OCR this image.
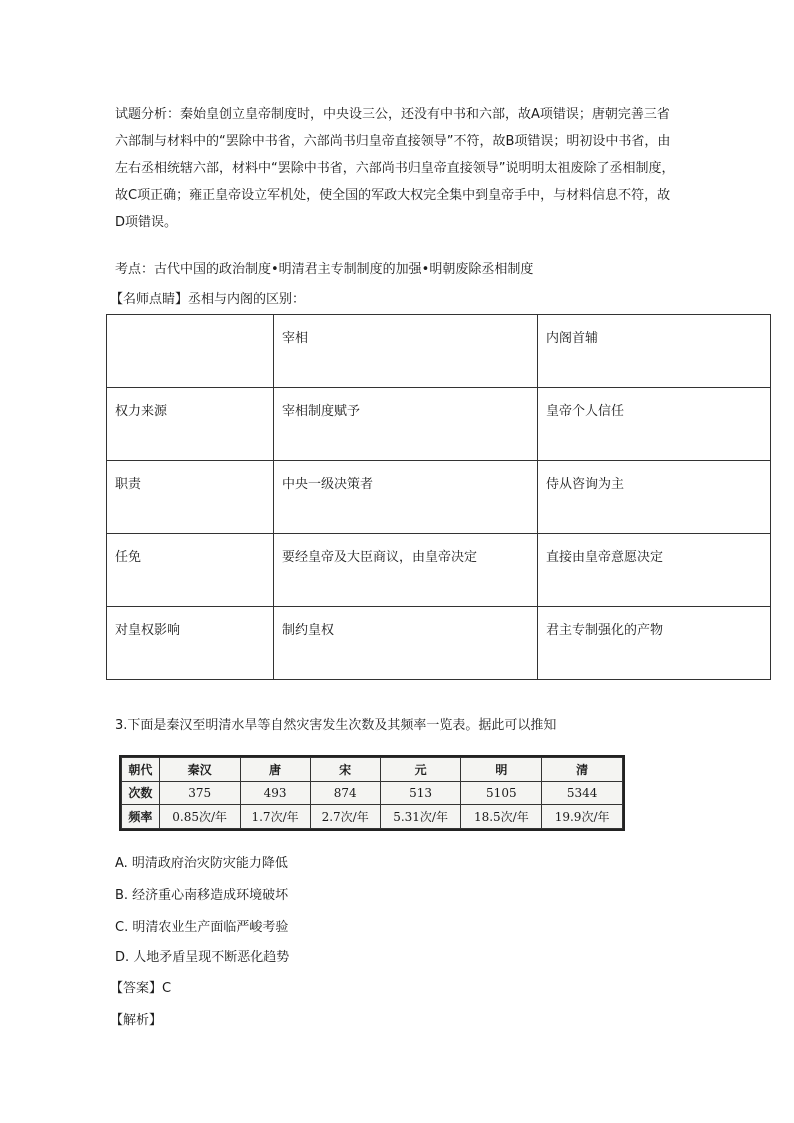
试题分析：秦始皇创立皇帝制度时，中央设三公，还没有中书和六部，故A项错误；唐朝完善三省六部制与材料中的“罢除中书省，六部尚书归皇帝直接领导”不符，故B项错误；明初设中书省，由左右丞相统辖六部，材料中“罢除中书省，六部尚书归皇帝直接领导”说明明太祖废除了丞相制度，故C项正确；雍正皇帝设立军机处，使全国的军政大权完全集中到皇帝手中，与材料信息不符，故D项错误。

考点：古代中国的政治制度•明清君主专制制度的加强•明朝废除丞相制度
【名师点睛】丞相与内阁的区别：
	宰相	内阁首辅
权力来源	宰相制度赋予	皇帝个人信任
职责	中央一级决策者	侍从咨询为主
任免	要经皇帝及大臣商议，由皇帝决定	直接由皇帝意愿决定
对皇权影响	制约皇权	君主专制强化的产物
3.下面是秦汉至明清水旱等自然灾害发生次数及其频率一览表。据此可以推知
朝代	秦汉	唐	宋	元	明	清
次数	375	493	874	513	5105	5344
频率	0.85次/年	1.7次/年	2.7次/年	5.31次/年	18.5次/年	19.9次/年
A. 明清政府治灾防灾能力降低
B. 经济重心南移造成环境破坏
C. 明清农业生产面临严峻考验
D. 人地矛盾呈现不断恶化趋势
【答案】C
【解析】
